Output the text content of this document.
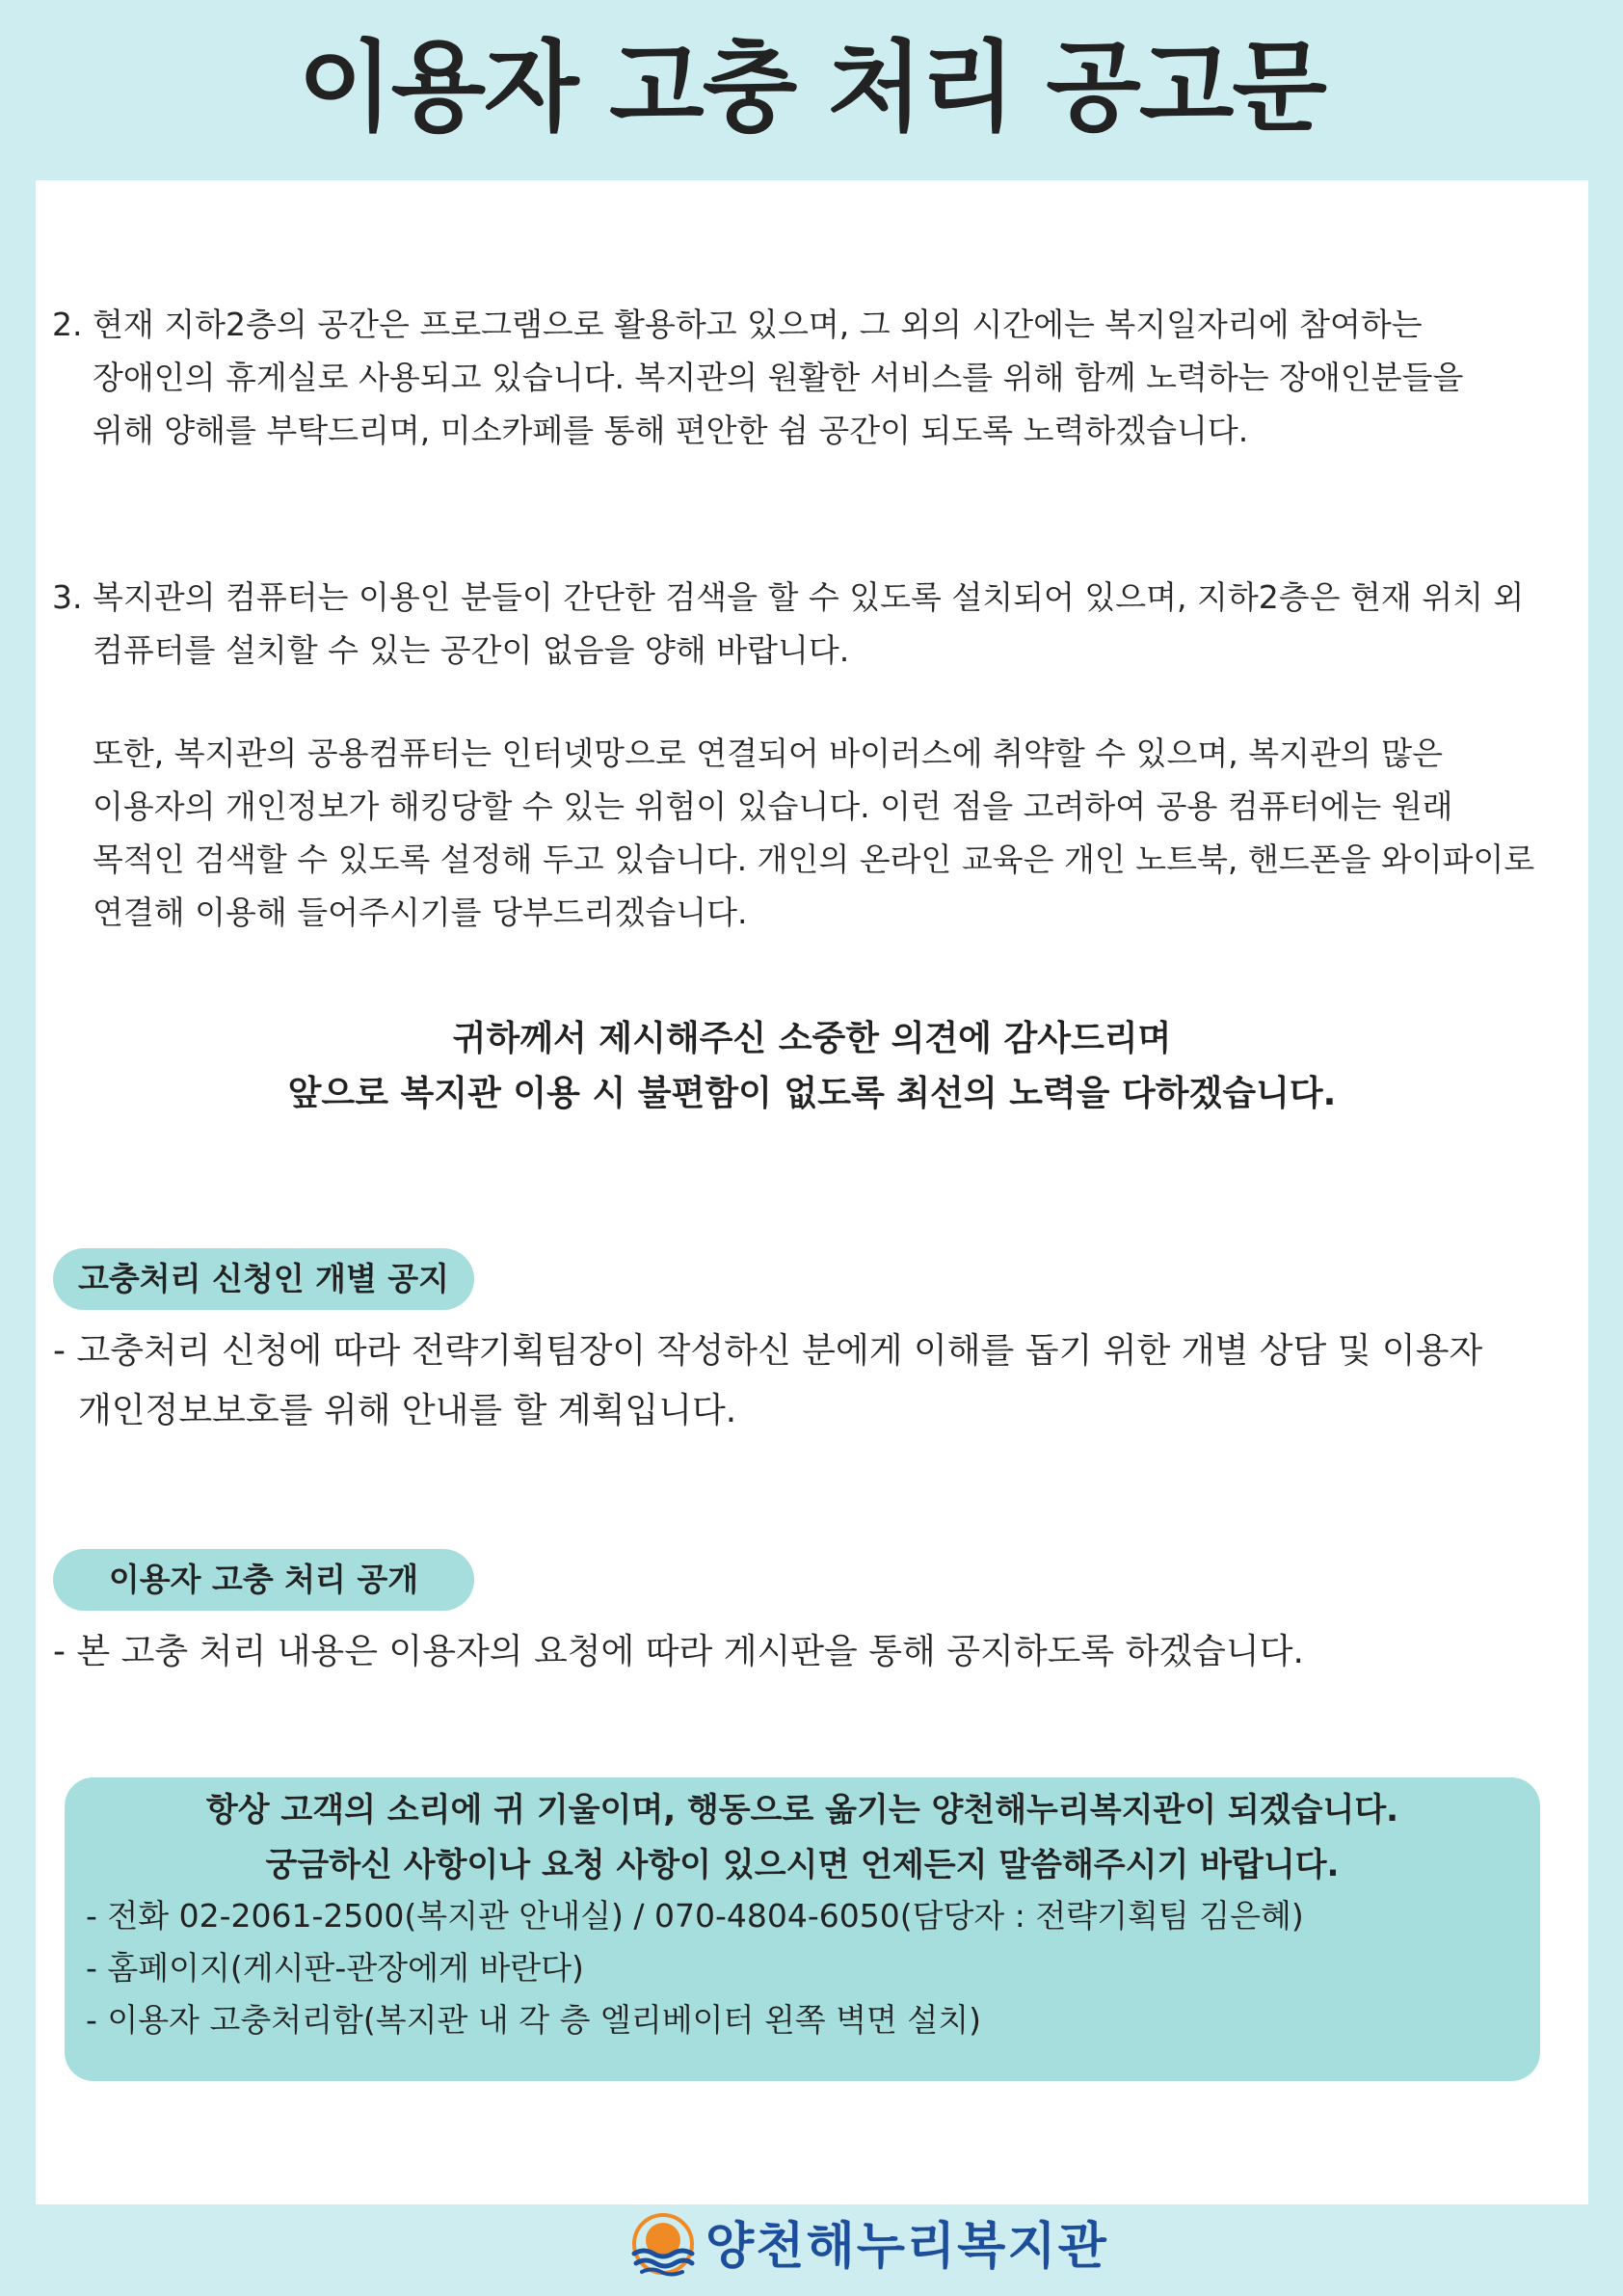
이용자 고충 처리 공고문
2. 현재 지하2층의 공간은 프로그램으로 활용하고 있으며, 그 외의 시간에는 복지일자리에 참여하는
장애인의 휴게실로 사용되고 있습니다. 복지관의 원활한 서비스를 위해 함께 노력하는 장애인분들을
위해 양해를 부탁드리며, 미소카페를 통해 편안한 쉼 공간이 되도록 노력하겠습니다.
3. 복지관의 컴퓨터는 이용인 분들이 간단한 검색을 할 수 있도록 설치되어 있으며, 지하2층은 현재 위치 외
컴퓨터를 설치할 수 있는 공간이 없음을 양해 바랍니다.
또한, 복지관의 공용컴퓨터는 인터넷망으로 연결되어 바이러스에 취약할 수 있으며, 복지관의 많은
이용자의 개인정보가 해킹당할 수 있는 위험이 있습니다. 이런 점을 고려하여 공용 컴퓨터에는 원래
목적인 검색할 수 있도록 설정해 두고 있습니다. 개인의 온라인 교육은 개인 노트북, 핸드폰을 와이파이로
연결해 이용해 들어주시기를 당부드리겠습니다.
귀하께서 제시해주신 소중한 의견에 감사드리며
앞으로 복지관 이용 시 불편함이 없도록 최선의 노력을 다하겠습니다.
고충처리 신청인 개별 공지
- 고충처리 신청에 따라 전략기획팀장이 작성하신 분에게 이해를 돕기 위한 개별 상담 및 이용자
개인정보보호를 위해 안내를 할 계획입니다.
이용자 고충 처리 공개
- 본 고충 처리 내용은 이용자의 요청에 따라 게시판을 통해 공지하도록 하겠습니다.
항상 고객의 소리에 귀 기울이며, 행동으로 옮기는 양천해누리복지관이 되겠습니다.
궁금하신 사항이나 요청 사항이 있으시면 언제든지 말씀해주시기 바랍니다.
- 전화 02-2061-2500(복지관 안내실) / 070-4804-6050(담당자 : 전략기획팀 김은혜)
- 홈페이지(게시판-관장에게 바란다)
- 이용자 고충처리함(복지관 내 각 층 엘리베이터 왼쪽 벽면 설치)
양천해누리복지관
